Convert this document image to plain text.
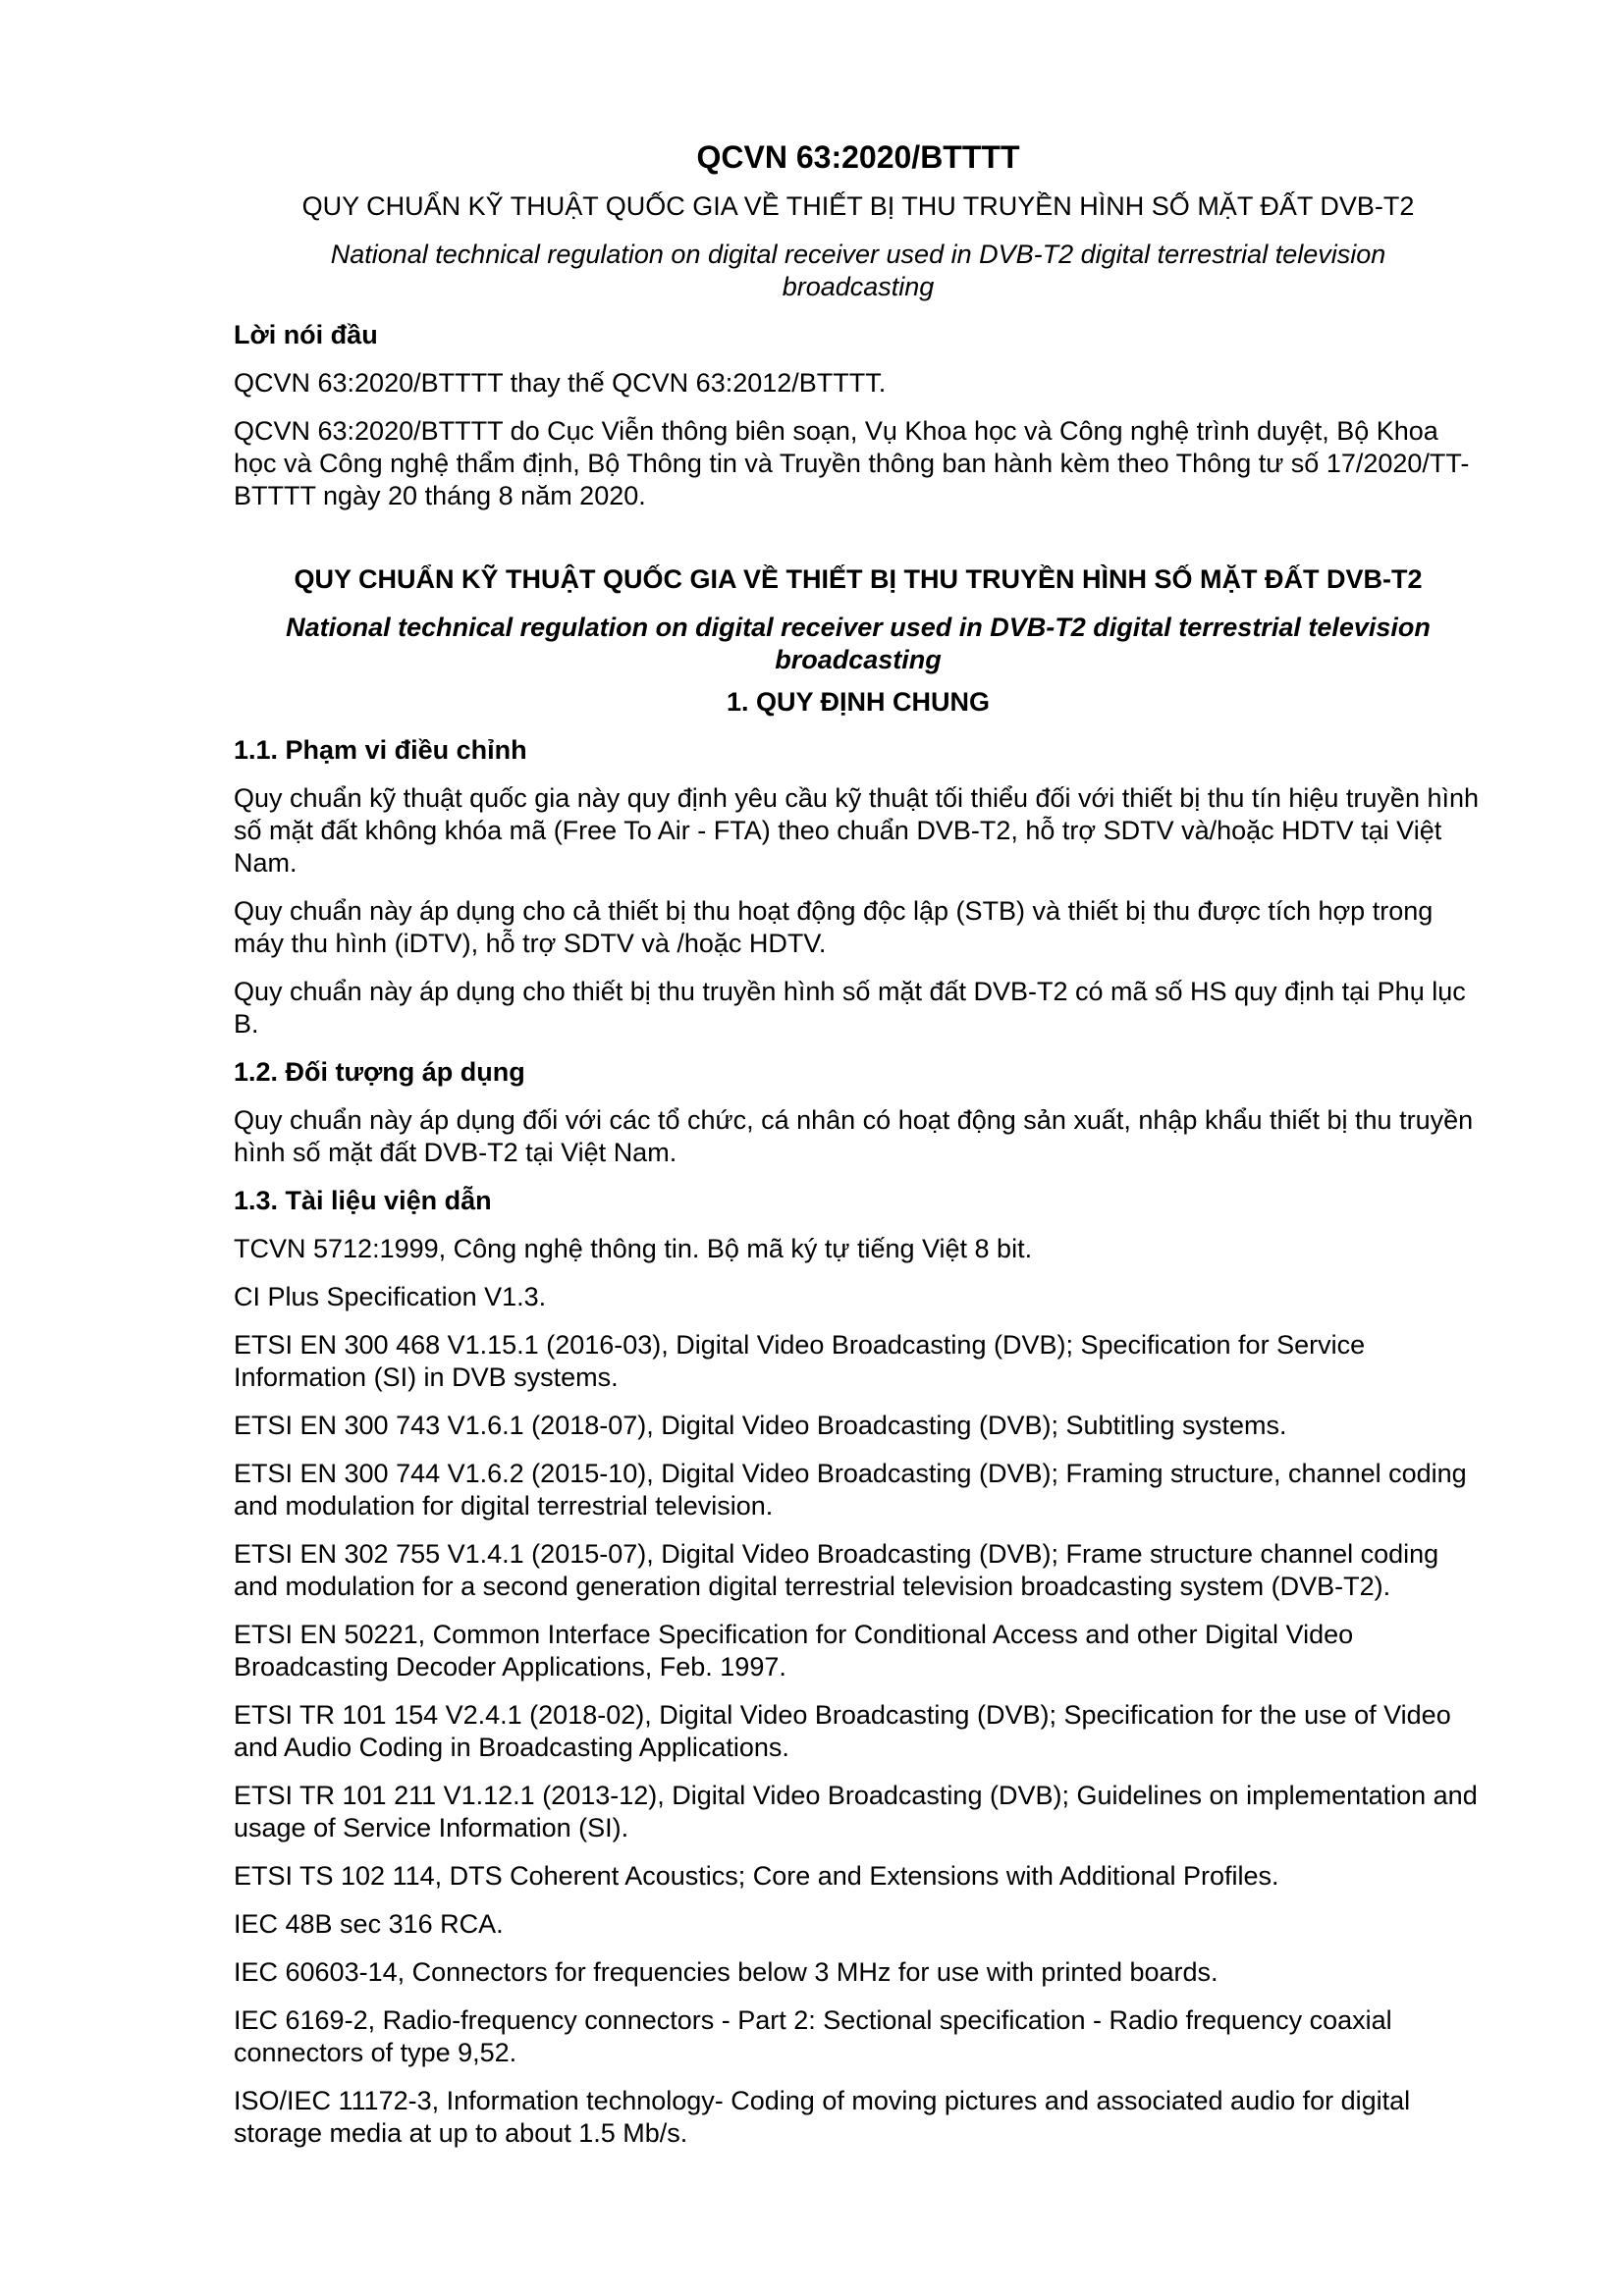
QCVN 63:2020/BTTTT
QUY CHUẨN KỸ THUẬT QUỐC GIA VỀ THIẾT BỊ THU TRUYỀN HÌNH SỐ MẶT ĐẤT DVB-T2
National technical regulation on digital receiver used in DVB-T2 digital terrestrial television broadcasting
Lời nói đầu
QCVN 63:2020/BTTTT thay thế QCVN 63:2012/BTTTT.
QCVN 63:2020/BTTTT do Cục Viễn thông biên soạn, Vụ Khoa học và Công nghệ trình duyệt, Bộ Khoa học và Công nghệ thẩm định, Bộ Thông tin và Truyền thông ban hành kèm theo Thông tư số 17/2020/TT-BTTTT ngày 20 tháng 8 năm 2020.
QUY CHUẨN KỸ THUẬT QUỐC GIA VỀ THIẾT BỊ THU TRUYỀN HÌNH SỐ MẶT ĐẤT DVB-T2
National technical regulation on digital receiver used in DVB-T2 digital terrestrial television broadcasting
1. QUY ĐỊNH CHUNG
1.1. Phạm vi điều chỉnh
Quy chuẩn kỹ thuật quốc gia này quy định yêu cầu kỹ thuật tối thiểu đối với thiết bị thu tín hiệu truyền hình số mặt đất không khóa mã (Free To Air - FTA) theo chuẩn DVB-T2, hỗ trợ SDTV và/hoặc HDTV tại Việt Nam.
Quy chuẩn này áp dụng cho cả thiết bị thu hoạt động độc lập (STB) và thiết bị thu được tích hợp trong máy thu hình (iDTV), hỗ trợ SDTV và /hoặc HDTV.
Quy chuẩn này áp dụng cho thiết bị thu truyền hình số mặt đất DVB-T2 có mã số HS quy định tại Phụ lục B.
1.2. Đối tượng áp dụng
Quy chuẩn này áp dụng đối với các tổ chức, cá nhân có hoạt động sản xuất, nhập khẩu thiết bị thu truyền hình số mặt đất DVB-T2 tại Việt Nam.
1.3. Tài liệu viện dẫn
TCVN 5712:1999, Công nghệ thông tin. Bộ mã ký tự tiếng Việt 8 bit.
CI Plus Specification V1.3.
ETSI EN 300 468 V1.15.1 (2016-03), Digital Video Broadcasting (DVB); Specification for Service Information (SI) in DVB systems.
ETSI EN 300 743 V1.6.1 (2018-07), Digital Video Broadcasting (DVB); Subtitling systems.
ETSI EN 300 744 V1.6.2 (2015-10), Digital Video Broadcasting (DVB); Framing structure, channel coding and modulation for digital terrestrial television.
ETSI EN 302 755 V1.4.1 (2015-07), Digital Video Broadcasting (DVB); Frame structure channel coding and modulation for a second generation digital terrestrial television broadcasting system (DVB-T2).
ETSI EN 50221, Common Interface Specification for Conditional Access and other Digital Video Broadcasting Decoder Applications, Feb. 1997.
ETSI TR 101 154 V2.4.1 (2018-02), Digital Video Broadcasting (DVB); Specification for the use of Video and Audio Coding in Broadcasting Applications.
ETSI TR 101 211 V1.12.1 (2013-12), Digital Video Broadcasting (DVB); Guidelines on implementation and usage of Service Information (SI).
ETSI TS 102 114, DTS Coherent Acoustics; Core and Extensions with Additional Profiles.
IEC 48B sec 316 RCA.
IEC 60603-14, Connectors for frequencies below 3 MHz for use with printed boards.
IEC 6169-2, Radio-frequency connectors - Part 2: Sectional specification - Radio frequency coaxial connectors of type 9,52.
ISO/IEC 11172-3, Information technology- Coding of moving pictures and associated audio for digital storage media at up to about 1.5 Mb/s.
